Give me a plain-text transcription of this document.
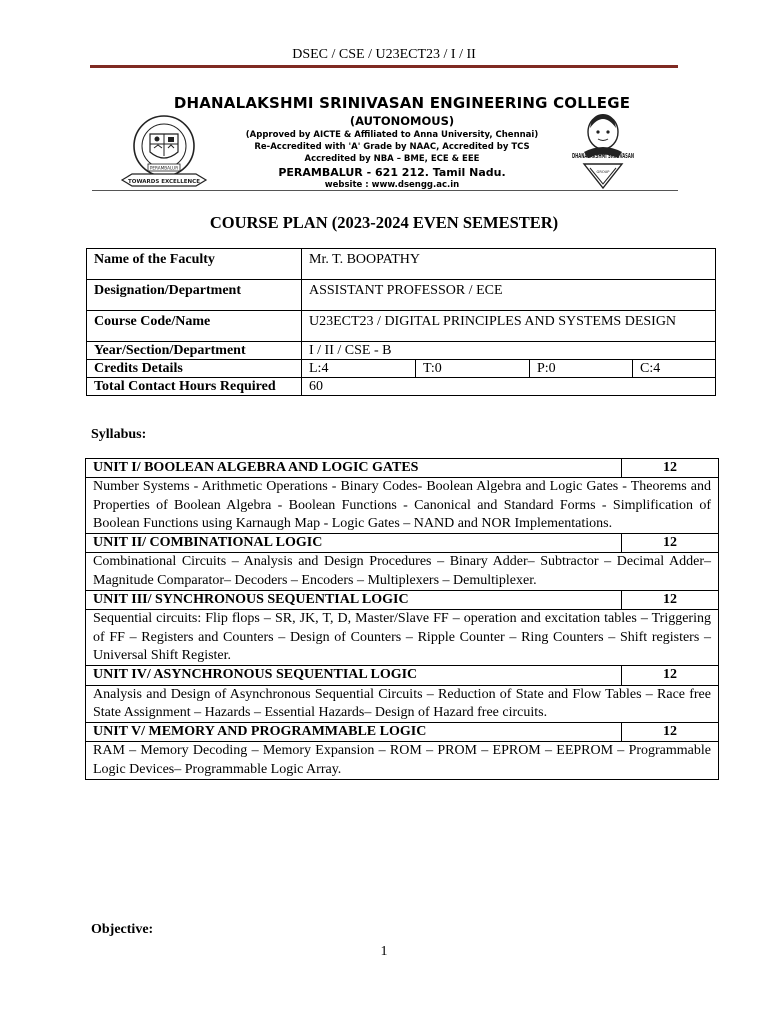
DSEC / CSE / U23ECT23 / I / II
TOWARDS EXCELLENCE
PERAMBALUR
DHANALAKSHMI SRINIVASAN ENGINEERING COLLEGE
(AUTONOMOUS)
(Approved by AICTE & Affiliated to Anna University, Chennai)
Re-Accredited with 'A' Grade by NAAC, Accredited by TCS
Accredited by NBA – BME, ECE & EEE
PERAMBALUR - 621 212. Tamil Nadu.
website : www.dsengg.ac.in
DHANALAKSHMI SRINIVASAN
GROUP
COURSE PLAN (2023-2024 EVEN SEMESTER)
Name of the Faculty	Mr. T. BOOPATHY			
Designation/Department	ASSISTANT PROFESSOR / ECE			
Course Code/Name	U23ECT23 / DIGITAL PRINCIPLES AND SYSTEMS DESIGN			
Year/Section/Department	I / II / CSE - B			
Credits Details	L:4	T:0	P:0	C:4
Total Contact Hours Required	60			
Syllabus:
UNIT I/ BOOLEAN ALGEBRA AND LOGIC GATES	12
Number Systems - Arithmetic Operations - Binary Codes- Boolean Algebra and Logic Gates - Theorems and Properties of Boolean Algebra - Boolean Functions - Canonical and Standard Forms - Simplification of Boolean Functions using Karnaugh Map - Logic Gates – NAND and NOR Implementations.	
UNIT II/ COMBINATIONAL LOGIC	12
Combinational Circuits – Analysis and Design Procedures – Binary Adder– Subtractor – Decimal Adder– Magnitude Comparator– Decoders – Encoders – Multiplexers – Demultiplexer.	
UNIT III/ SYNCHRONOUS SEQUENTIAL LOGIC	12
Sequential circuits: Flip flops – SR, JK, T, D, Master/Slave FF – operation and excitation tables – Triggering of FF – Registers and Counters – Design of Counters – Ripple Counter – Ring Counters – Shift registers – Universal Shift Register.	
UNIT IV/ ASYNCHRONOUS SEQUENTIAL LOGIC	12
Analysis and Design of Asynchronous Sequential Circuits – Reduction of State and Flow Tables – Race free State Assignment – Hazards – Essential Hazards– Design of Hazard free circuits.	
UNIT V/ MEMORY AND PROGRAMMABLE LOGIC	12
RAM – Memory Decoding – Memory Expansion – ROM – PROM – EPROM – EEPROM – Programmable Logic Devices– Programmable Logic Array.	
Objective:
1
